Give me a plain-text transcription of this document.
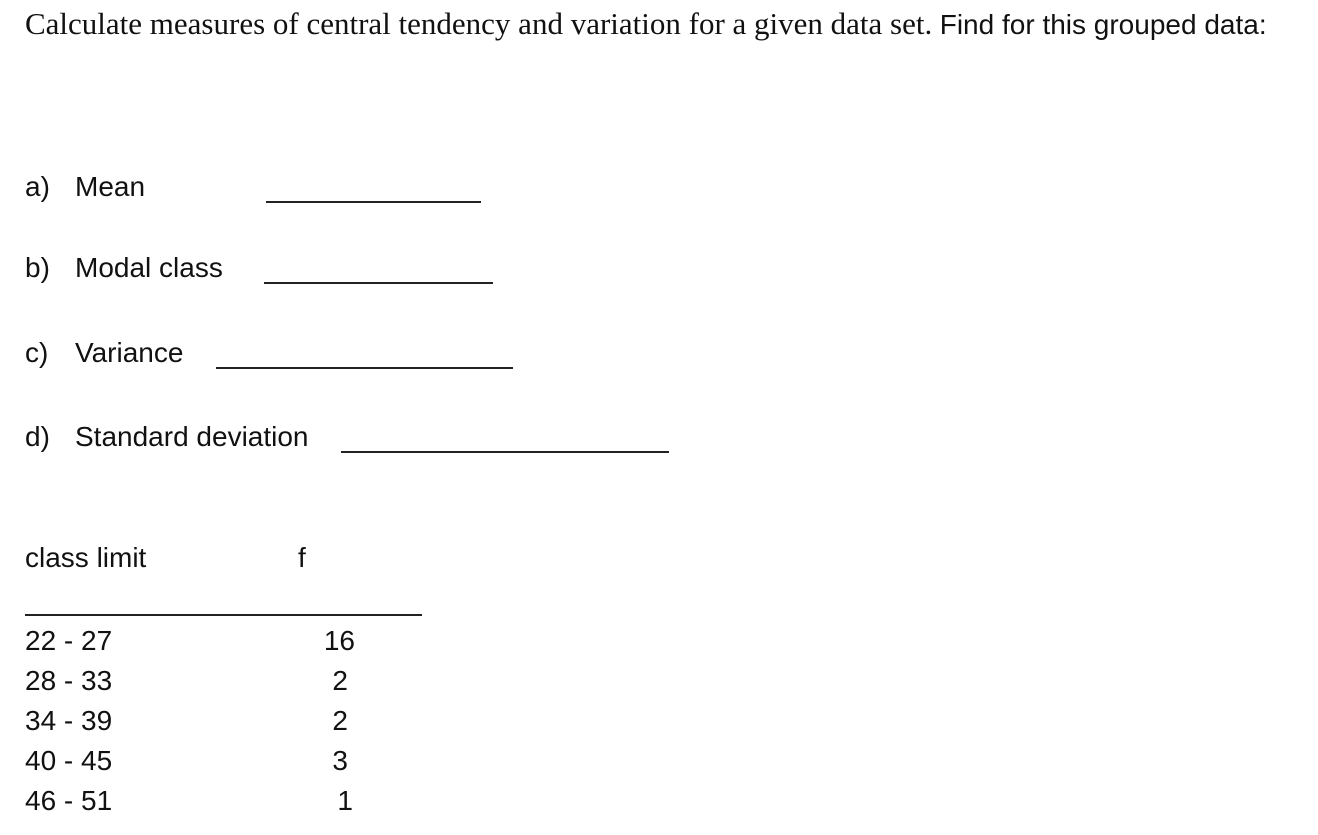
Calculate measures of central tendency and variation for a given data set. Find for this grouped data:

a) Mean
b) Modal class
c) Variance
d) Standard deviation
class limit	f
22 - 27	16
28 - 33	2
34 - 39	2
40 - 45	3
46 - 51	1
